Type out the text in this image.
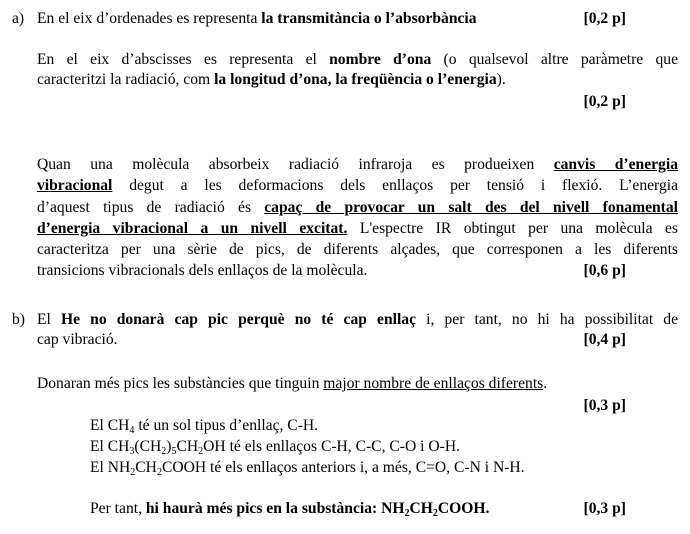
a) En el eix d’ordenades es representa la transmitància o l’absorbància	[0,2 p]
En el eix d’abscisses es representa el nombre d’ona (o qualsevol altre paràmetre que
caracteritzi la radiació, com la longitud d’ona, la freqüència o l’energia).
[0,2 p]
Quan una molècula absorbeix radiació infraroja es produeixen canvis d’energia
vibracional degut a les deformacions dels enllaços per tensió i flexió. L’energia
d’aquest tipus de radiació és capaç de provocar un salt des del nivell fonamental
d’energia vibracional a un nivell excitat. L'espectre IR obtingut per una molècula es
caracteritza per una sèrie de pics, de diferents alçades, que corresponen a les diferents
transicions vibracionals dels enllaços de la molècula.	[0,6 p]
b) El He no donarà cap pic perquè no té cap enllaç i, per tant, no hi ha possibilitat de
cap vibració.	[0,4 p]
Donaran més pics les substàncies que tinguin major nombre de enllaços diferents.
[0,3 p]
El $CH_4$ té un sol tipus d’enllaç, C-H.
El $CH_3(CH_2)_5CH_2OH$ té els enllaços C-H, C-C, C-O i O-H.
El $NH_2CH_2COOH$ té els enllaços anteriors i, a més, C=O, C-N i N-H.
Per tant, hi haurà més pics en la substància: $NH_2CH_2COOH$.	[0,3 p]
